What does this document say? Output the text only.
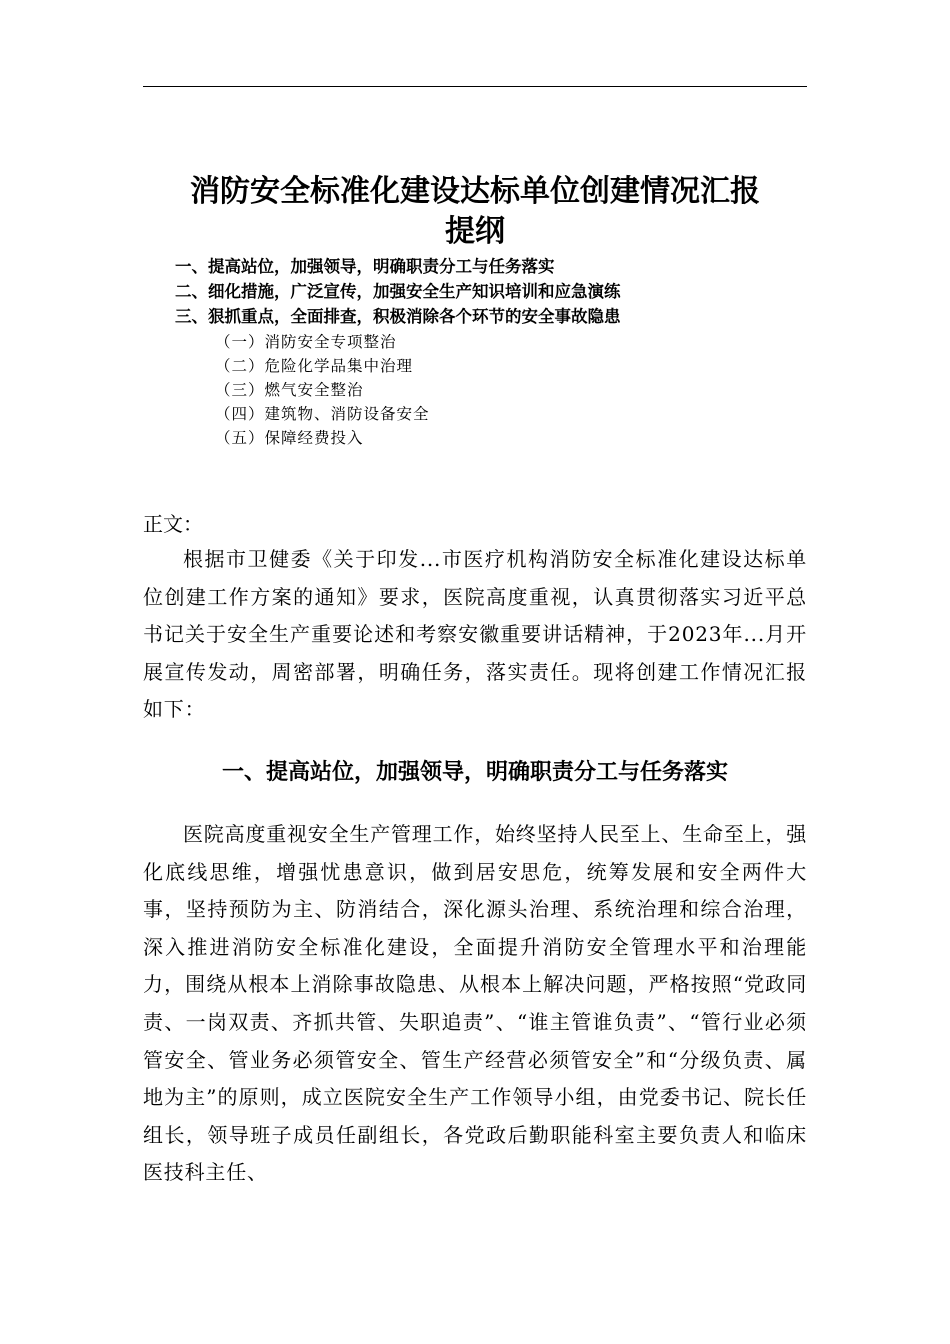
消防安全标准化建设达标单位创建情况汇报
提纲
一、提高站位，加强领导，明确职责分工与任务落实
二、细化措施，广泛宣传，加强安全生产知识培训和应急演练
三、狠抓重点，全面排查，积极消除各个环节的安全事故隐患
（一）消防安全专项整治
（二）危险化学品集中治理
（三）燃气安全整治
（四）建筑物、消防设备安全
（五）保障经费投入
正文：

根据市卫健委《关于印发...市医疗机构消防安全标准化建设达标单位创建工作方案的通知》要求，医院高度重视，认真贯彻落实习近平总书记关于安全生产重要论述和考察安徽重要讲话精神，于2023年...月开展宣传发动，周密部署，明确任务，落实责任。现将创建工作情况汇报如下：

一、提高站位，加强领导，明确职责分工与任务落实

医院高度重视安全生产管理工作，始终坚持人民至上、生命至上，强化底线思维，增强忧患意识，做到居安思危，统筹发展和安全两件大事，坚持预防为主、防消结合，深化源头治理、系统治理和综合治理，深入推进消防安全标准化建设，全面提升消防安全管理水平和治理能力，围绕从根本上消除事故隐患、从根本上解决问题，严格按照“党政同责、一岗双责、齐抓共管、失职追责”、“谁主管谁负责”、“管行业必须管安全、管业务必须管安全、管生产经营必须管安全”和“分级负责、属地为主”的原则，成立医院安全生产工作领导小组，由党委书记、院长任组长，领导班子成员任副组长，各党政后勤职能科室主要负责人和临床医技科主任、
